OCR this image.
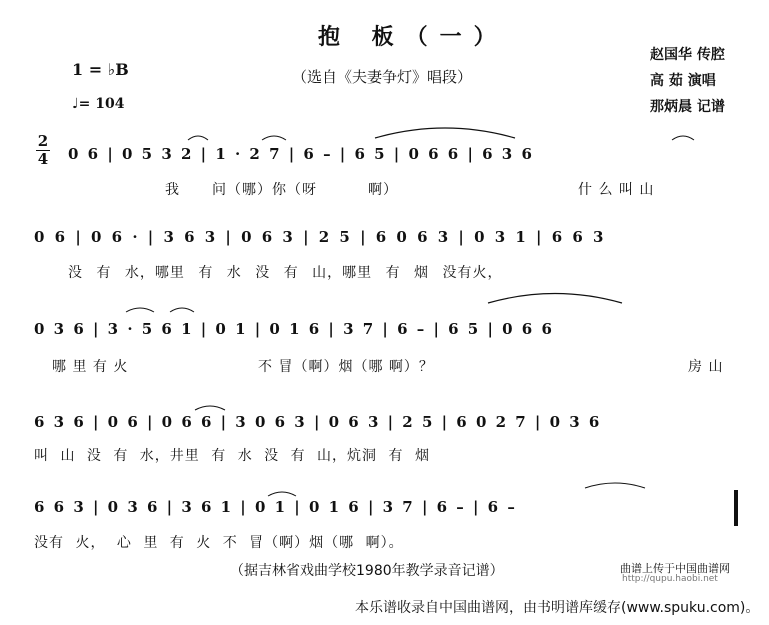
抱 板（一）
（选自《夫妻争灯》唱段）
1 = ♭B
♩= 104
赵国华 传腔
高 茹 演唱
那炳晨 记谱
2
4 0 6 | 0 5 3 2 | 1 · 2 7 | 6 – | 6 5 | 0 6 6 | 6 3 6
我 问（哪）你（呀	啊）	什 么 叫 山
0 6 | 0 6 · | 3 6 3 | 0 6 3 | 2 5 | 6 0 6 3 | 0 3 1 | 6 6 3
没 有 水，哪里 有 水 没 有 山，哪里 有 烟 没有火，
0 3 6 | 3 · 5 6 1 | 0 1 | 0 1 6 | 3 7 | 6 – | 6 5 | 0 6 6
哪 里 有 火	不 冒（啊）烟（哪 啊）？	房 山
6 3 6 | 0 6 | 0 6 6 | 3 0 6 3 | 0 6 3 | 2 5 | 6 0 2 7 | 0 3 6
叫 山 没 有 水，井里 有 水 没 有 山，炕洞 有 烟
6 6 3 | 0 3 6 | 3 6 1 | 0 1 | 0 1 6 | 3 7 | 6 – | 6 –
没有 火， 心 里 有 火 不 冒（啊）烟（哪 啊）。
（据吉林省戏曲学校1980年教学录音记谱）	曲谱上传于中国曲谱网
http://qupu.haobi.net
本乐谱收录自中国曲谱网，由书明谱库缓存(www.spuku.com)。
